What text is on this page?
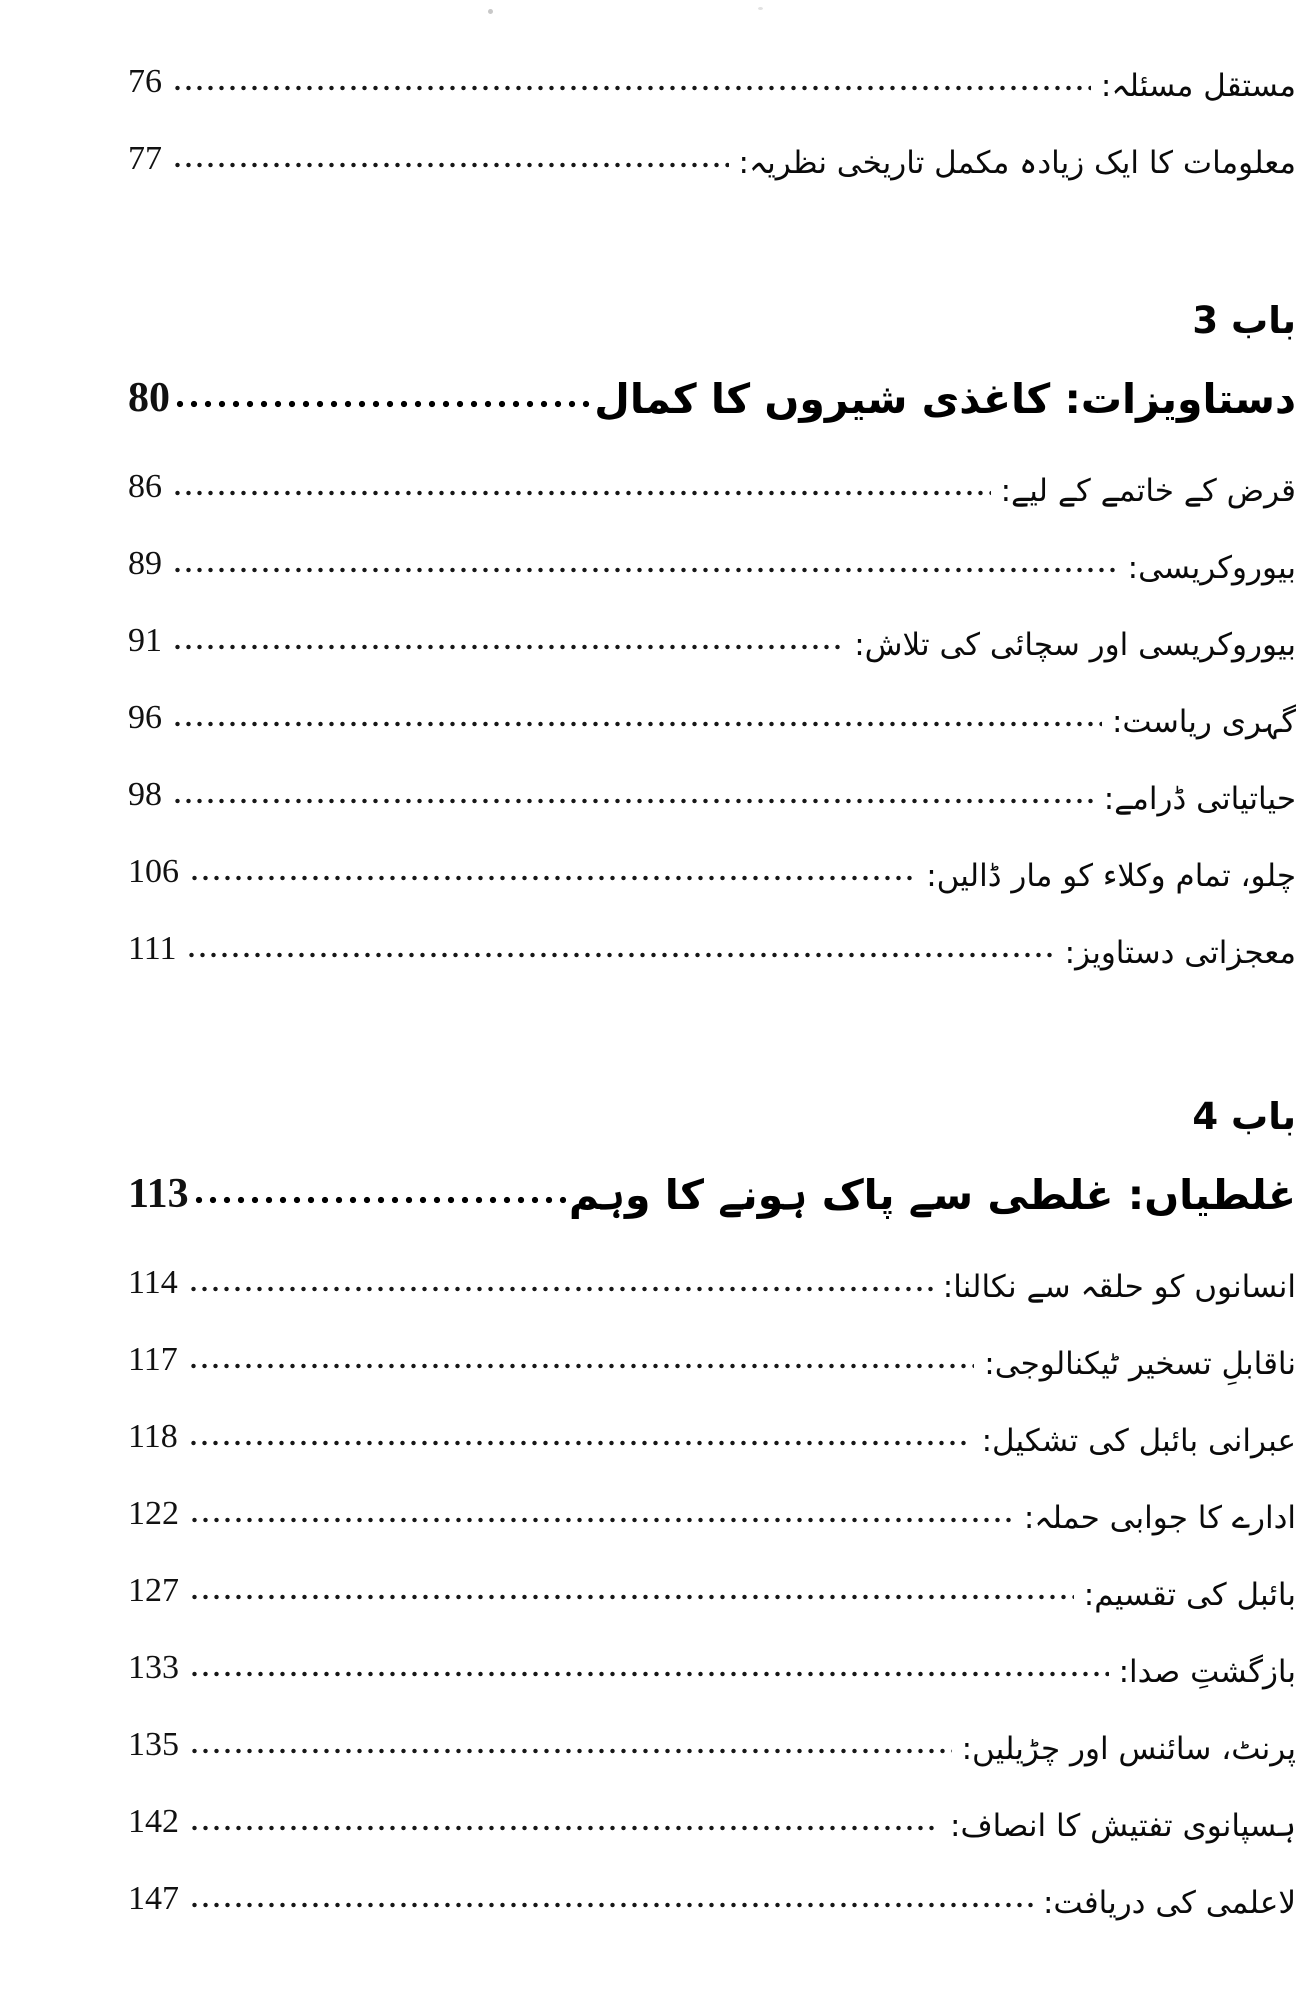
مستقل مسئلہ:
76
معلومات کا ایک زیادہ مکمل تاریخی نظریہ:
77
باب 3
دستاویزات: کاغذی شیروں کا کمال
80
قرض کے خاتمے کے لیے:
86
بیوروکریسی:
89
بیوروکریسی اور سچائی کی تلاش:
91
گہری ریاست:
96
حیاتیاتی ڈرامے:
98
چلو، تمام وکلاء کو مار ڈالیں:
106
معجزاتی دستاویز:
111
باب 4
غلطیاں: غلطی سے پاک ہونے کا وہم
113
انسانوں کو حلقہ سے نکالنا:
114
ناقابلِ تسخیر ٹیکنالوجی:
117
عبرانی بائبل کی تشکیل:
118
ادارے کا جوابی حملہ:
122
بائبل کی تقسیم:
127
بازگشتِ صدا:
133
پرنٹ، سائنس اور چڑیلیں:
135
ہسپانوی تفتیش کا انصاف:
142
لاعلمی کی دریافت:
147
